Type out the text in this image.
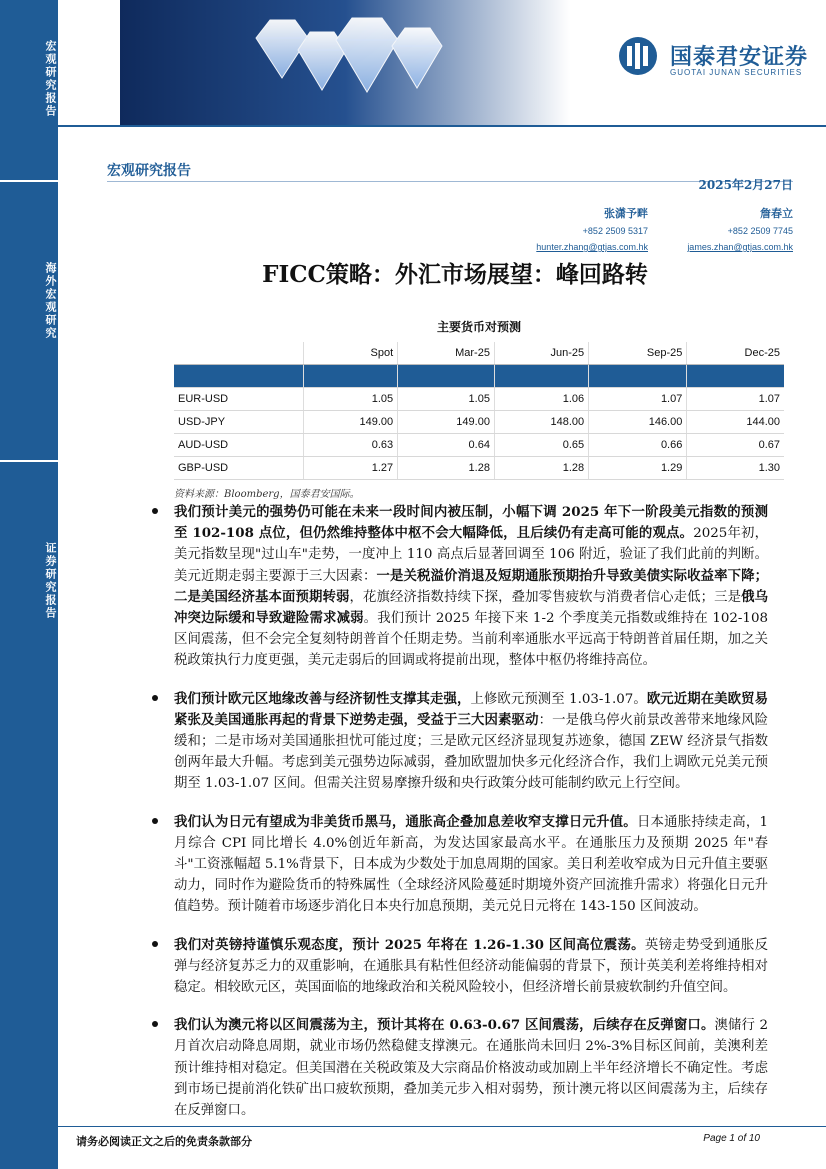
宏观研究报告
海外宏观研究
证券研究报告
国泰君安证券
GUOTAI JUNAN SECURITIES
宏观研究报告
2025年2月27日
张潇予畔
+852 2509 5317
hunter.zhang@gtjas.com.hk
詹春立
+852 2509 7745
james.zhan@gtjas.com.hk
FICC策略：外汇市场展望：峰回路转
主要货币对预测
	Spot	Mar-25	Jun-25	Sep-25	Dec-25

EUR-USD	1.05	1.05	1.06	1.07	1.07
USD-JPY	149.00	149.00	148.00	146.00	144.00
AUD-USD	0.63	0.64	0.65	0.66	0.67
GBP-USD	1.27	1.28	1.28	1.29	1.30
资料来源：Bloomberg，国泰君安国际。
我们预计美元的强势仍可能在未来一段时间内被压制，小幅下调 2025 年下一阶段美元指数的预测至 102-108 点位，但仍然维持整体中枢不会大幅降低，且后续仍有走高可能的观点。2025年初，美元指数呈现"过山车"走势，一度冲上 110 高点后显著回调至 106 附近，验证了我们此前的判断。美元近期走弱主要源于三大因素：一是关税溢价消退及短期通胀预期抬升导致美债实际收益率下降；二是美国经济基本面预期转弱，花旗经济指数持续下探，叠加零售疲软与消费者信心走低；三是俄乌冲突边际缓和导致避险需求减弱。我们预计 2025 年接下来 1-2 个季度美元指数或维持在 102-108 区间震荡，但不会完全复刻特朗普首个任期走势。当前利率通胀水平远高于特朗普首届任期，加之关税政策执行力度更强，美元走弱后的回调或将提前出现，整体中枢仍将维持高位。
我们预计欧元区地缘改善与经济韧性支撑其走强，上修欧元预测至 1.03-1.07。欧元近期在美欧贸易紧张及美国通胀再起的背景下逆势走强，受益于三大因素驱动：一是俄乌停火前景改善带来地缘风险缓和；二是市场对美国通胀担忧可能过度；三是欧元区经济显现复苏迹象，德国 ZEW 经济景气指数创两年最大升幅。考虑到美元强势边际减弱，叠加欧盟加快多元化经济合作，我们上调欧元兑美元预期至 1.03-1.07 区间。但需关注贸易摩擦升级和央行政策分歧可能制约欧元上行空间。
我们认为日元有望成为非美货币黑马，通胀高企叠加息差收窄支撑日元升值。日本通胀持续走高，1 月综合 CPI 同比增长 4.0%创近年新高，为发达国家最高水平。在通胀压力及预期 2025 年"春斗"工资涨幅超 5.1%背景下，日本成为少数处于加息周期的国家。美日利差收窄成为日元升值主要驱动力，同时作为避险货币的特殊属性（全球经济风险蔓延时期境外资产回流推升需求）将强化日元升值趋势。预计随着市场逐步消化日本央行加息预期，美元兑日元将在 143-150 区间波动。
我们对英镑持谨慎乐观态度，预计 2025 年将在 1.26-1.30 区间高位震荡。英镑走势受到通胀反弹与经济复苏乏力的双重影响，在通胀具有粘性但经济动能偏弱的背景下，预计英美利差将维持相对稳定。相较欧元区，英国面临的地缘政治和关税风险较小，但经济增长前景疲软制约升值空间。
我们认为澳元将以区间震荡为主，预计其将在 0.63-0.67 区间震荡，后续存在反弹窗口。澳储行 2 月首次启动降息周期，就业市场仍然稳健支撑澳元。在通胀尚未回归 2%-3%目标区间前，美澳利差预计维持相对稳定。但美国潜在关税政策及大宗商品价格波动或加剧上半年经济增长不确定性。考虑到市场已提前消化铁矿出口疲软预期，叠加美元步入相对弱势，预计澳元将以区间震荡为主，后续存在反弹窗口。
请务必阅读正文之后的免责条款部分	Page 1 of 10
